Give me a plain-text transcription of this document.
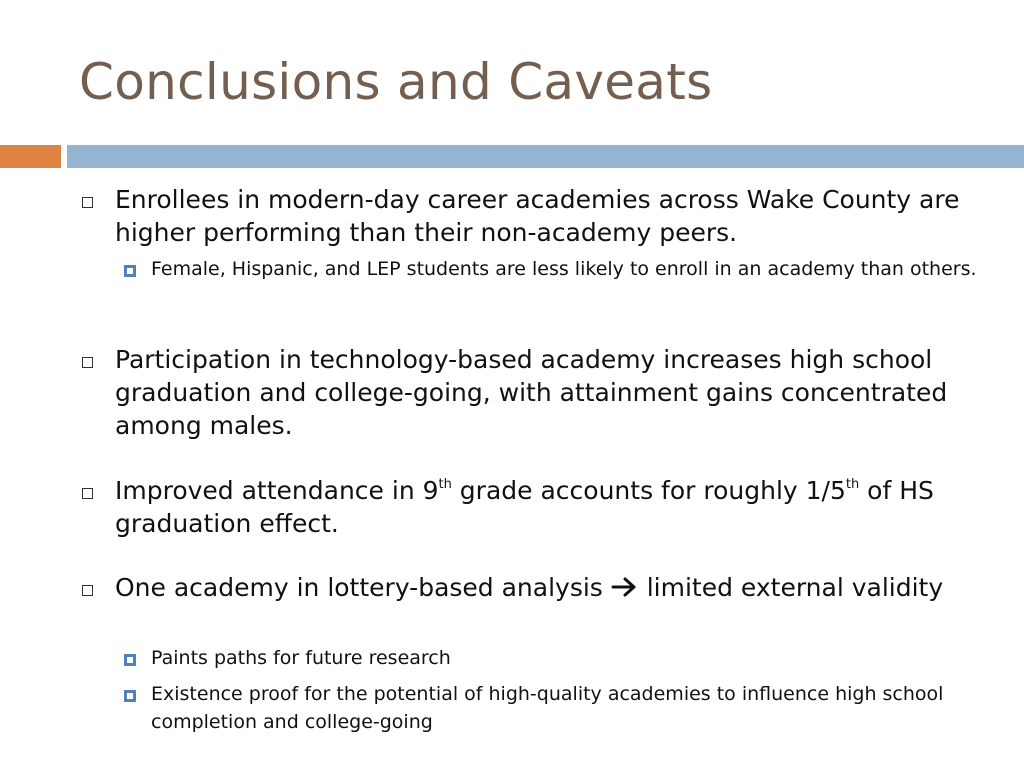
Conclusions and Caveats
Enrollees in modern-day career academies across Wake County are higher performing than their non-academy peers.
Female, Hispanic, and LEP students are less likely to enroll in an academy than others.
Participation in technology-based academy increases high school graduation and college-going, with attainment gains concentrated among males.
Improved attendance in 9th grade accounts for roughly 1/5th of HS graduation effect.
One academy in lottery-based analysis  limited external validity
Paints paths for future research
Existence proof for the potential of high-quality academies to influence high school completion and college-going
